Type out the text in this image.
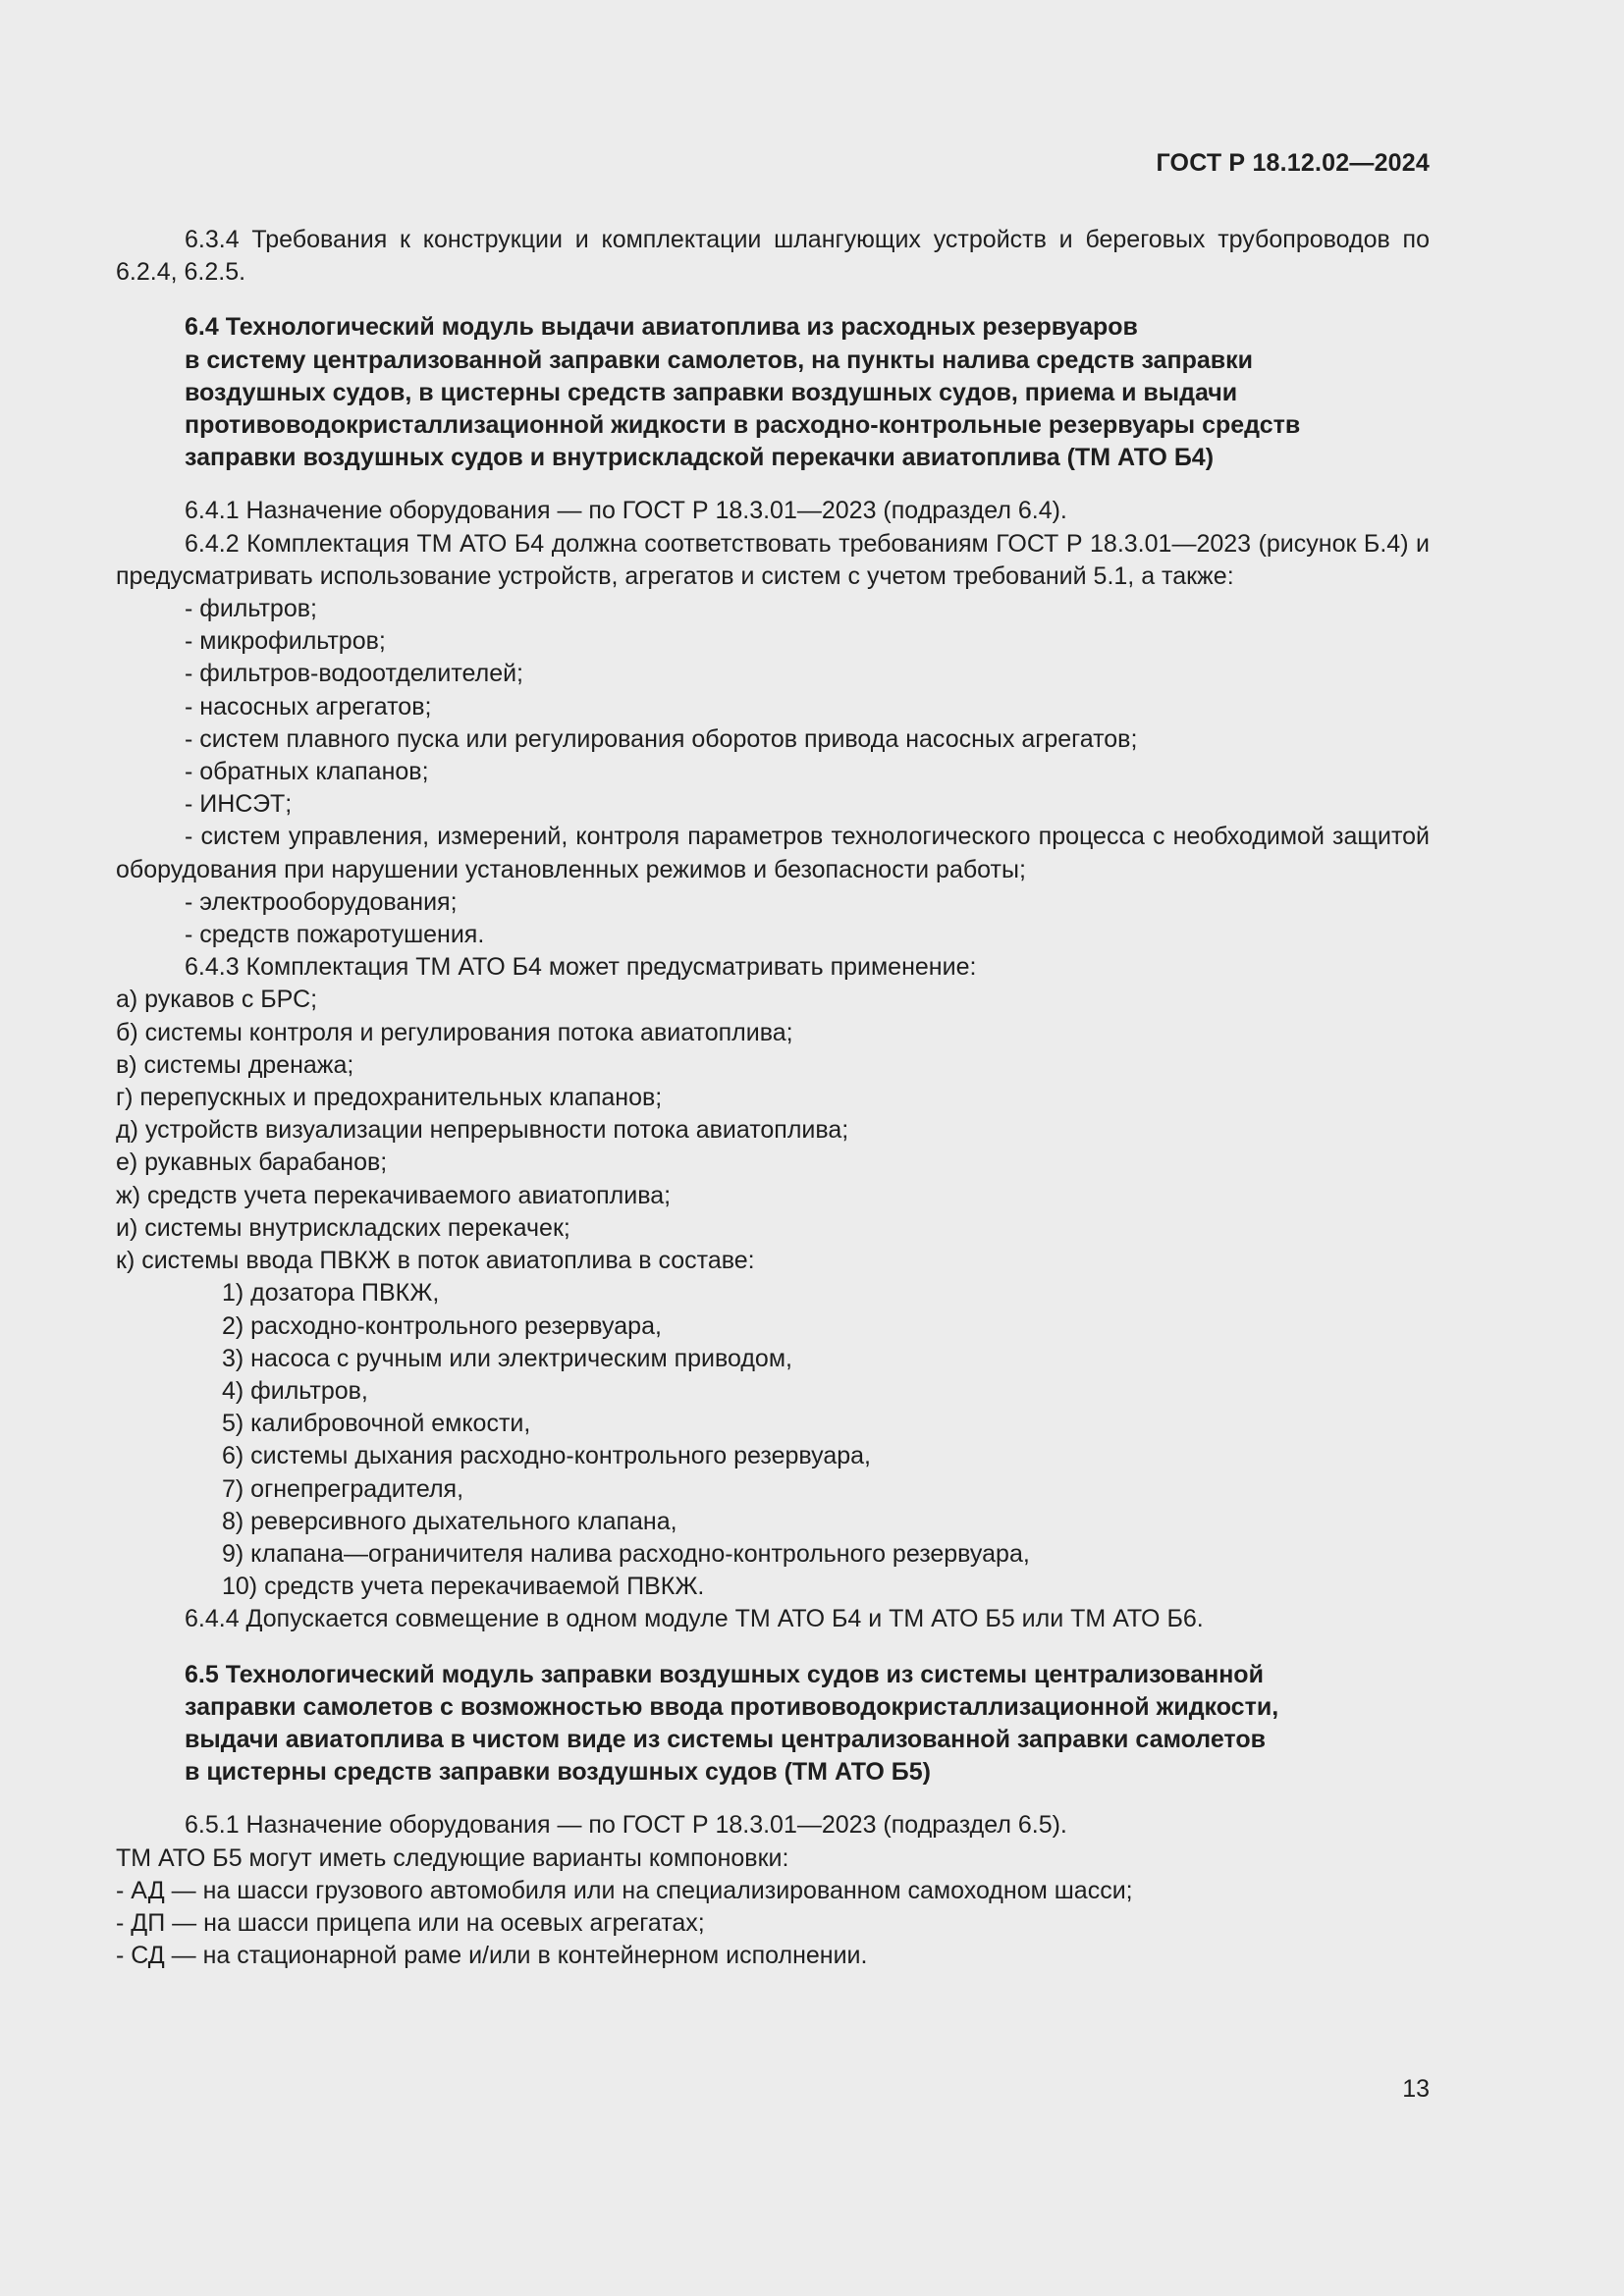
ГОСТ Р 18.12.02—2024

6.3.4 Требования к конструкции и комплектации шлангующих устройств и береговых трубопроводов по 6.2.4, 6.2.5.

6.4 Технологический модуль выдачи авиатоплива из расходных резервуаров

в систему централизованной заправки самолетов, на пункты налива средств заправки

воздушных судов, в цистерны средств заправки воздушных судов, приема и выдачи

противоводокристаллизационной жидкости в расходно-контрольные резервуары средств

заправки воздушных судов и внутрискладской перекачки авиатоплива (ТМ АТО Б4)

6.4.1 Назначение оборудования — по ГОСТ Р 18.3.01—2023 (подраздел 6.4).

6.4.2 Комплектация ТМ АТО Б4 должна соответствовать требованиям ГОСТ Р 18.3.01—2023 (рисунок Б.4) и предусматривать использование устройств, агрегатов и систем с учетом требований 5.1, а также:

- фильтров;

- микрофильтров;

- фильтров-водоотделителей;

- насосных агрегатов;

- систем плавного пуска или регулирования оборотов привода насосных агрегатов;

- обратных клапанов;

- ИНСЭТ;

- систем управления, измерений, контроля параметров технологического процесса с необходимой защитой оборудования при нарушении установленных режимов и безопасности работы;

- электрооборудования;

- средств пожаротушения.

6.4.3 Комплектация ТМ АТО Б4 может предусматривать применение:

а) рукавов с БРС;

б) системы контроля и регулирования потока авиатоплива;

в) системы дренажа;

г) перепускных и предохранительных клапанов;

д) устройств визуализации непрерывности потока авиатоплива;

е) рукавных барабанов;

ж) средств учета перекачиваемого авиатоплива;

и) системы внутрискладских перекачек;

к) системы ввода ПВКЖ в поток авиатоплива в составе:

1) дозатора ПВКЖ,

2) расходно-контрольного резервуара,

3) насоса с ручным или электрическим приводом,

4) фильтров,

5) калибровочной емкости,

6) системы дыхания расходно-контрольного резервуара,

7) огнепреградителя,

8) реверсивного дыхательного клапана,

9) клапана—ограничителя налива расходно-контрольного резервуара,

10) средств учета перекачиваемой ПВКЖ.

6.4.4 Допускается совмещение в одном модуле ТМ АТО Б4 и ТМ АТО Б5 или ТМ АТО Б6.

6.5 Технологический модуль заправки воздушных судов из системы централизованной

заправки самолетов с возможностью ввода противоводокристаллизационной жидкости,

выдачи авиатоплива в чистом виде из системы централизованной заправки самолетов

в цистерны средств заправки воздушных судов (ТМ АТО Б5)

6.5.1 Назначение оборудования — по ГОСТ Р 18.3.01—2023 (подраздел 6.5).

ТМ АТО Б5 могут иметь следующие варианты компоновки:

- АД — на шасси грузового автомобиля или на специализированном самоходном шасси;

- ДП — на шасси прицепа или на осевых агрегатах;

- СД — на стационарной раме и/или в контейнерном исполнении.

13
